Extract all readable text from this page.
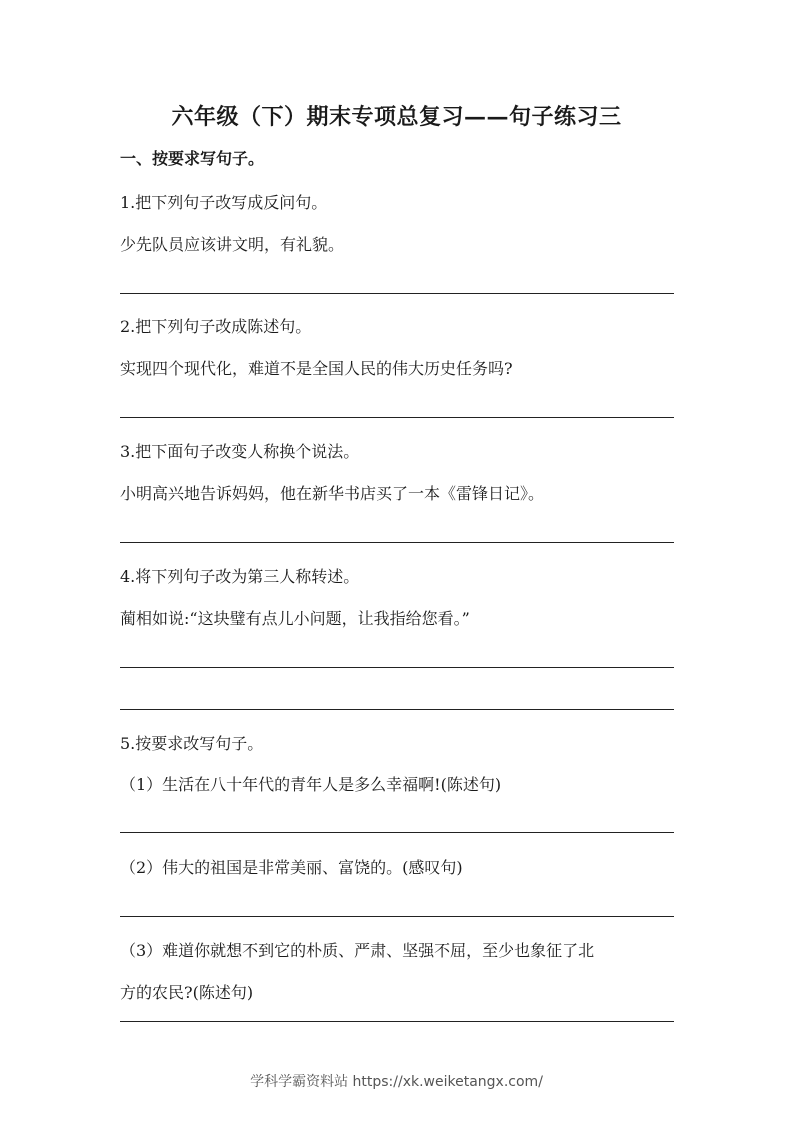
六年级（下）期末专项总复习——句子练习三
一、按要求写句子。
1.把下列句子改写成反问句。
少先队员应该讲文明，有礼貌。
2.把下列句子改成陈述句。
实现四个现代化，难道不是全国人民的伟大历史任务吗?
3.把下面句子改变人称换个说法。
小明高兴地告诉妈妈，他在新华书店买了一本《雷锋日记》。
4.将下列句子改为第三人称转述。
蔺相如说:“这块璧有点儿小问题，让我指给您看。”
5.按要求改写句子。
（1）生活在八十年代的青年人是多么幸福啊!(陈述句)
（2）伟大的祖国是非常美丽、富饶的。(感叹句)
（3）难道你就想不到它的朴质、严肃、坚强不屈，至少也象征了北
方的农民?(陈述句)
学科学霸资料站 https://xk.weiketangx.com/
